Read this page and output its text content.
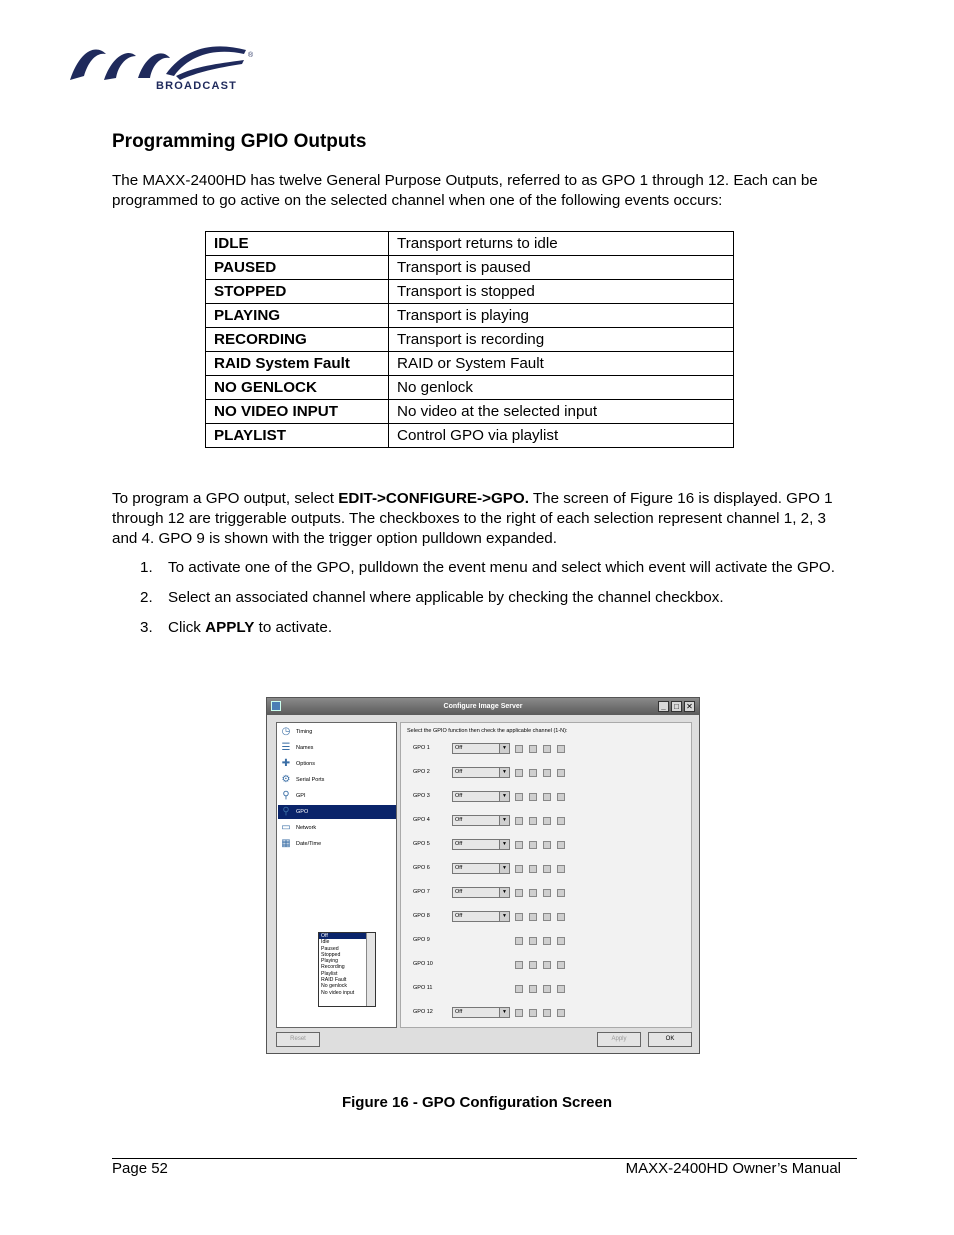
®
BROADCAST
Programming GPIO Outputs

The MAXX-2400HD has twelve General Purpose Outputs, referred to as GPO 1 through 12. Each can be programmed to go active on the selected channel when one of the following events occurs:

IDLE	Transport returns to idle
PAUSED	Transport is paused
STOPPED	Transport is stopped
PLAYING	Transport is playing
RECORDING	Transport is recording
RAID System Fault	RAID or System Fault
NO GENLOCK	No genlock
NO VIDEO INPUT	No video at the selected input
PLAYLIST	Control GPO via playlist

To program a GPO output, select EDIT->CONFIGURE->GPO. The screen of Figure 16 is displayed. GPO 1 through 12 are triggerable outputs. The checkboxes to the right of each selection represent channel 1, 2, 3 and 4. GPO 9 is shown with the trigger option pulldown expanded.

1. To activate one of the GPO, pulldown the event menu and select which event will activate the GPO.
2. Select an associated channel where applicable by checking the channel checkbox.
3. Click APPLY to activate.
Configure Image Server	_	□ ✕
◷ Timing
☰ Names
✚	Options
⚙ Serial Ports
⚲	GPI
⚲	GPO
▭ Network
▦ Date/Time
Select the GPIO function then check the applicable channel (1-N):
GPO 1	Off	▼
GPO 2	Off	▼
GPO 3	Off	▼
GPO 4	Off	▼
GPO 5	Off	▼
GPO 6	Off	▼
GPO 7	Off	▼
GPO 8	Off	▼
GPO 9
GPO 10
GPO 11
GPO 12	Off	▼
Reset	Apply	OK
Off
Idle
Paused
Stopped
Playing
Recording
Playlist
RAID Fault
No genlock
No video input
Figure 16 - GPO Configuration Screen
Page 52	MAXX-2400HD Owner’s Manual
